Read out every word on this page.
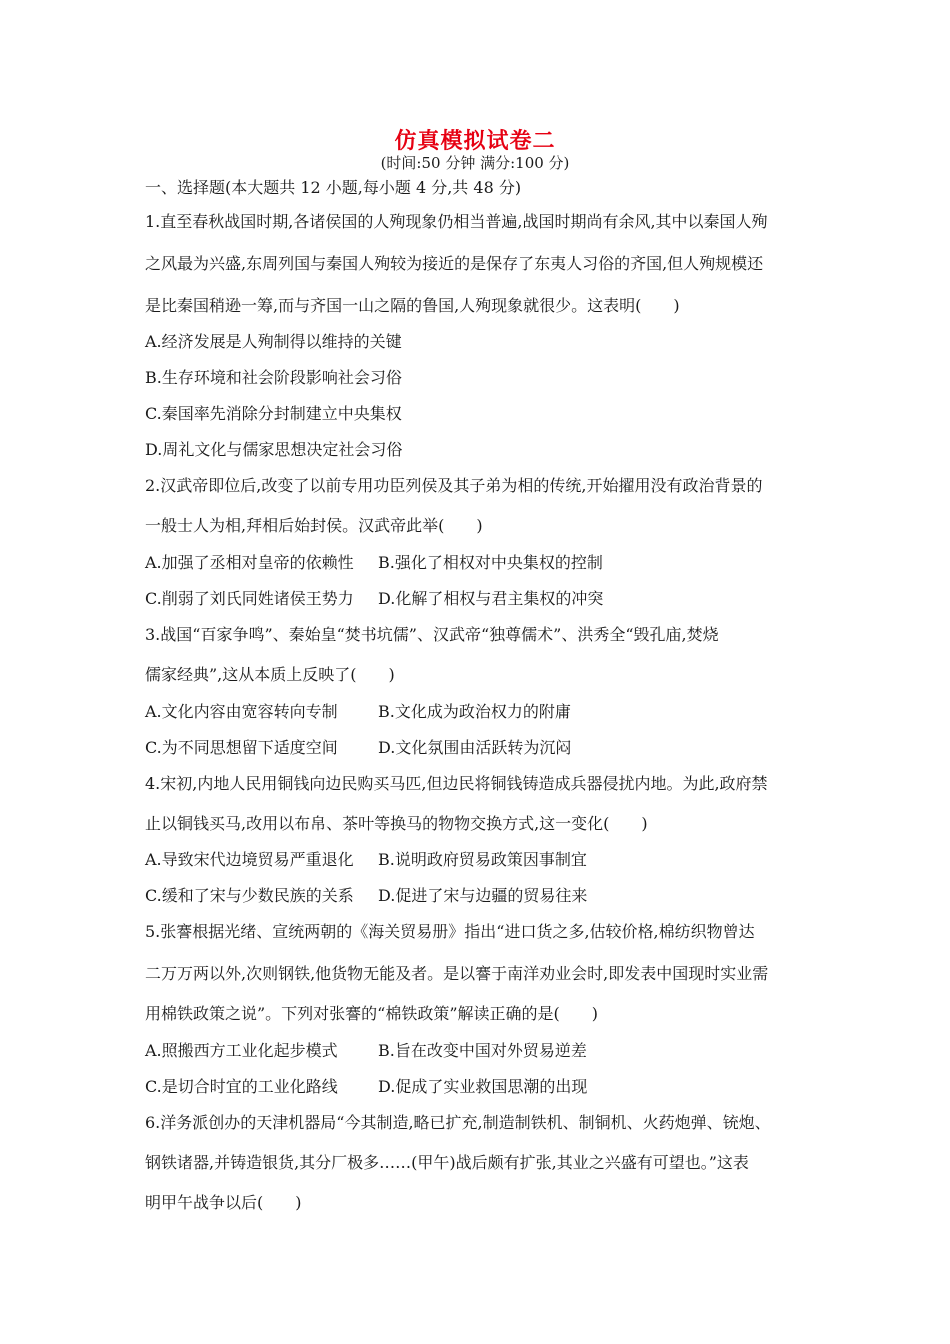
仿真模拟试卷二
(时间:50 分钟 满分:100 分)
一、选择题(本大题共 12 小题,每小题 4 分,共 48 分)
1.直至春秋战国时期,各诸侯国的人殉现象仍相当普遍,战国时期尚有余风,其中以秦国人殉
之风最为兴盛,东周列国与秦国人殉较为接近的是保存了东夷人习俗的齐国,但人殉规模还
是比秦国稍逊一筹,而与齐国一山之隔的鲁国,人殉现象就很少。这表明(　　)
A.经济发展是人殉制得以维持的关键
B.生存环境和社会阶段影响社会习俗
C.秦国率先消除分封制建立中央集权
D.周礼文化与儒家思想决定社会习俗
2.汉武帝即位后,改变了以前专用功臣列侯及其子弟为相的传统,开始擢用没有政治背景的
一般士人为相,拜相后始封侯。汉武帝此举(　　)
A.加强了丞相对皇帝的依赖性 B.强化了相权对中央集权的控制
C.削弱了刘氏同姓诸侯王势力 D.化解了相权与君主集权的冲突
3.战国“百家争鸣”、秦始皇“焚书坑儒”、汉武帝“独尊儒术”、洪秀全“毁孔庙,焚烧
儒家经典”,这从本质上反映了(　　)
A.文化内容由宽容转向专制	B.文化成为政治权力的附庸
C.为不同思想留下适度空间	D.文化氛围由活跃转为沉闷
4.宋初,内地人民用铜钱向边民购买马匹,但边民将铜钱铸造成兵器侵扰内地。为此,政府禁
止以铜钱买马,改用以布帛、茶叶等换马的物物交换方式,这一变化(　　)
A.导致宋代边境贸易严重退化 B.说明政府贸易政策因事制宜
C.缓和了宋与少数民族的关系 D.促进了宋与边疆的贸易往来
5.张謇根据光绪、宣统两朝的《海关贸易册》指出“进口货之多,估较价格,棉纺织物曾达
二万万两以外,次则钢铁,他货物无能及者。是以謇于南洋劝业会时,即发表中国现时实业需
用棉铁政策之说”。下列对张謇的“棉铁政策”解读正确的是(　　)
A.照搬西方工业化起步模式	B.旨在改变中国对外贸易逆差
C.是切合时宜的工业化路线	D.促成了实业救国思潮的出现
6.洋务派创办的天津机器局“今其制造,略已扩充,制造制铁机、制铜机、火药炮弹、铳炮、
钢铁诸器,并铸造银货,其分厂极多……(甲午)战后颇有扩张,其业之兴盛有可望也。”这表
明甲午战争以后(　　)
